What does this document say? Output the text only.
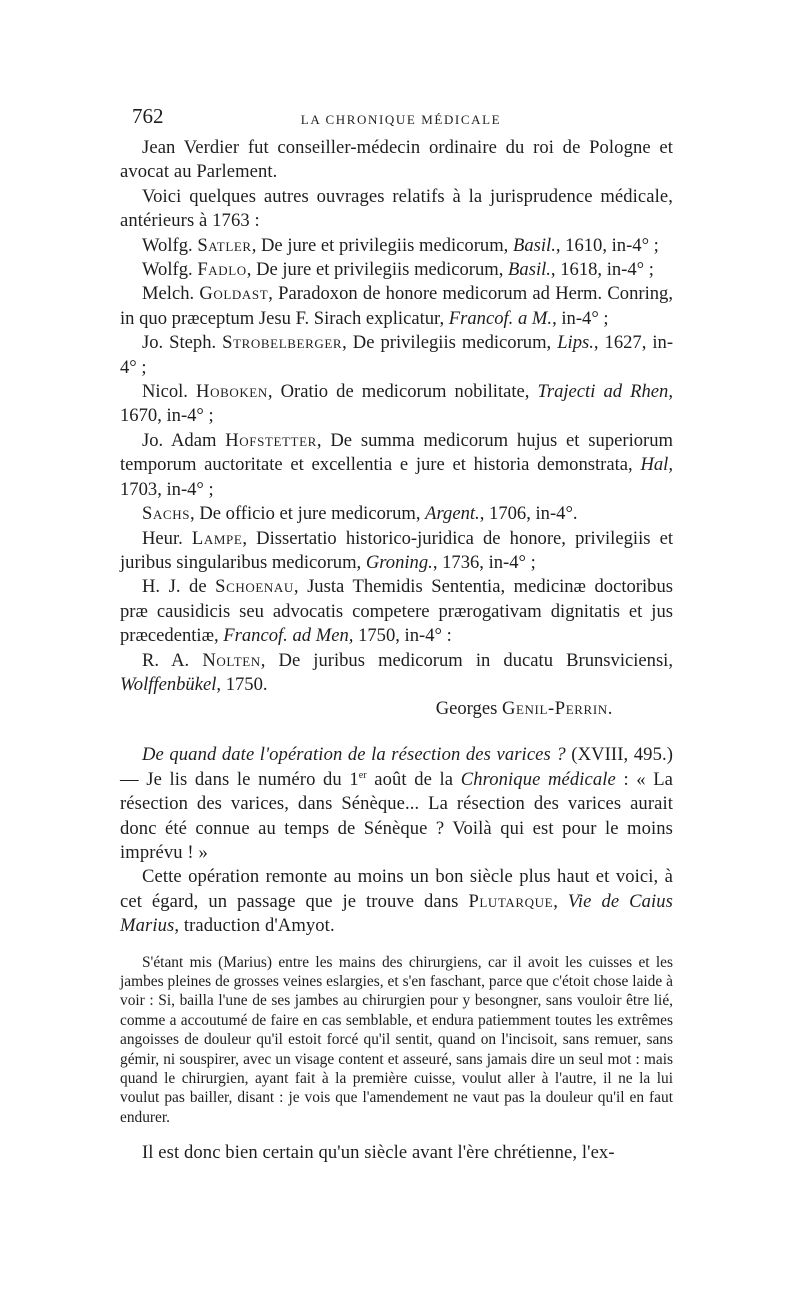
762	LA CHRONIQUE MÉDICALE

Jean Verdier fut conseiller-médecin ordinaire du roi de Pologne et avocat au Parlement.

Voici quelques autres ouvrages relatifs à la jurisprudence médicale, antérieurs à 1763 :

Wolfg. Satler, De jure et privilegiis medicorum, Basil., 1610, in-4° ;

Wolfg. Fadlo, De jure et privilegiis medicorum, Basil., 1618, in-4° ;

Melch. Goldast, Paradoxon de honore medicorum ad Herm. Conring, in quo præceptum Jesu F. Sirach explicatur, Francof. a M., in-4° ;

Jo. Steph. Strobelberger, De privilegiis medicorum, Lips., 1627, in-4° ;

Nicol. Hoboken, Oratio de medicorum nobilitate, Trajecti ad Rhen, 1670, in-4° ;

Jo. Adam Hofstetter, De summa medicorum hujus et superiorum temporum auctoritate et excellentia e jure et historia demonstrata, Hal, 1703, in-4° ;

Sachs, De officio et jure medicorum, Argent., 1706, in-4°.

Heur. Lampe, Dissertatio historico-juridica de honore, privilegiis et juribus singularibus medicorum, Groning., 1736, in-4° ;

H. J. de Schoenau, Justa Themidis Sententia, medicinæ doctoribus præ causidicis seu advocatis competere prærogativam dignitatis et jus præcedentiæ, Francof. ad Men, 1750, in-4° :

R. A. Nolten, De juribus medicorum in ducatu Brunsviciensi, Wolffenbükel, 1750.

Georges Genil-Perrin.

De quand date l'opération de la résection des varices ? (XVIII, 495.) — Je lis dans le numéro du 1er août de la Chronique médicale : « La résection des varices, dans Sénèque... La résection des varices aurait donc été connue au temps de Sénèque ? Voilà qui est pour le moins imprévu ! »

Cette opération remonte au moins un bon siècle plus haut et voici, à cet égard, un passage que je trouve dans Plutarque, Vie de Caius Marius, traduction d'Amyot.

S'étant mis (Marius) entre les mains des chirurgiens, car il avoit les cuisses et les jambes pleines de grosses veines eslargies, et s'en faschant, parce que c'étoit chose laide à voir : Si, bailla l'une de ses jambes au chirurgien pour y besongner, sans vouloir être lié, comme a accoutumé de faire en cas semblable, et endura patiemment toutes les extrêmes angoisses de douleur qu'il estoit forcé qu'il sentit, quand on l'incisoit, sans remuer, sans gémir, ni souspirer, avec un visage content et asseuré, sans jamais dire un seul mot : mais quand le chirurgien, ayant fait à la première cuisse, voulut aller à l'autre, il ne la lui voulut pas bailler, disant : je vois que l'amendement ne vaut pas la douleur qu'il en faut endurer.

Il est donc bien certain qu'un siècle avant l'ère chrétienne, l'ex-
